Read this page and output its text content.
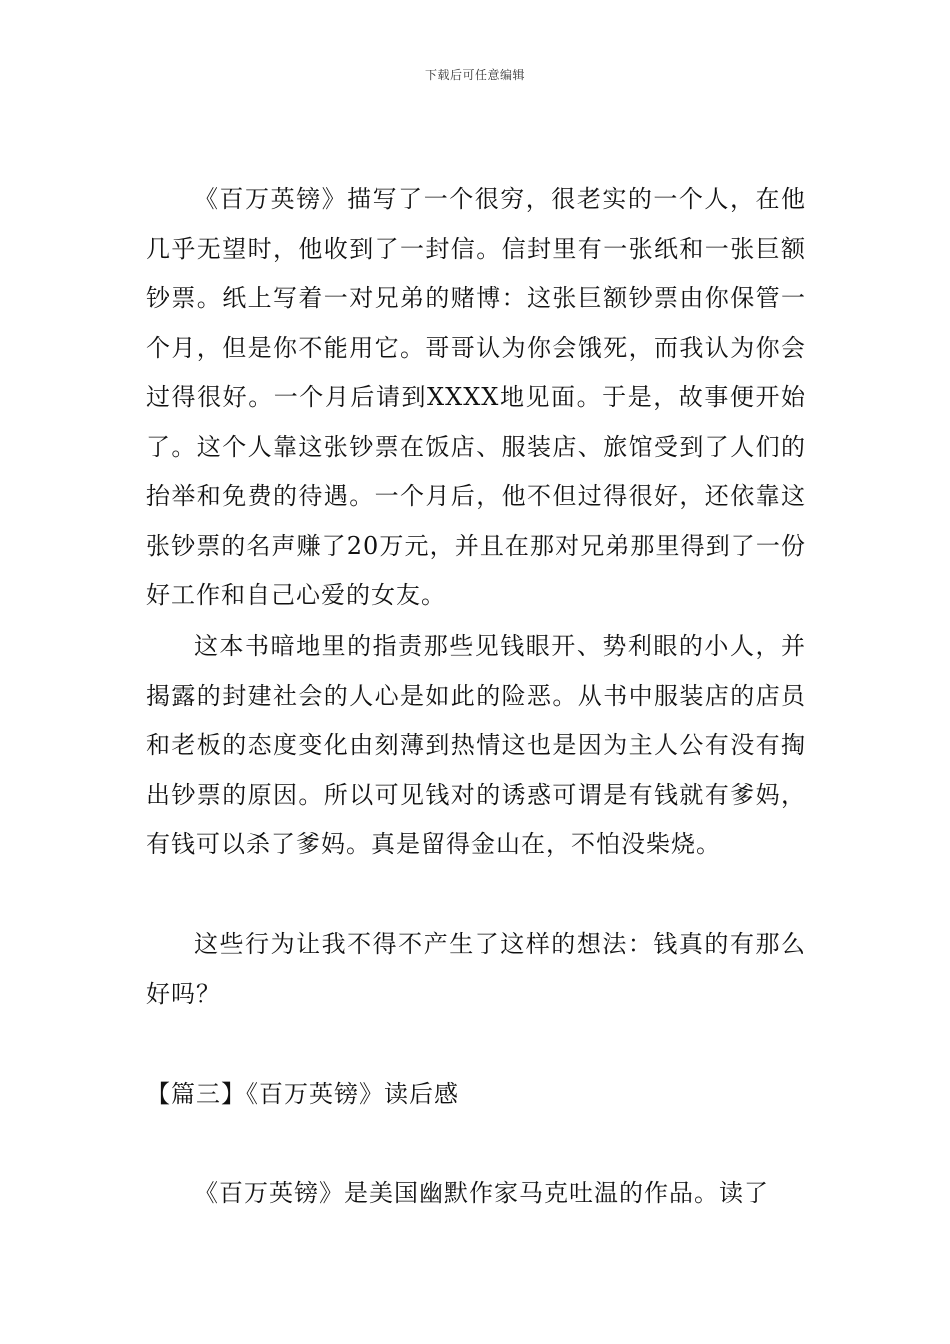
下载后可任意编辑

《百万英镑》描写了一个很穷，很老实的一个人，在他几乎无望时，他收到了一封信。信封里有一张纸和一张巨额钞票。纸上写着一对兄弟的赌博：这张巨额钞票由你保管一个月，但是你不能用它。哥哥认为你会饿死，而我认为你会过得很好。一个月后请到XXXX地见面。于是，故事便开始了。这个人靠这张钞票在饭店、服装店、旅馆受到了人们的抬举和免费的待遇。一个月后，他不但过得很好，还依靠这张钞票的名声赚了20万元，并且在那对兄弟那里得到了一份好工作和自己心爱的女友。

这本书暗地里的指责那些见钱眼开、势利眼的小人，并揭露的封建社会的人心是如此的险恶。从书中服装店的店员和老板的态度变化由刻薄到热情这也是因为主人公有没有掏出钞票的原因。所以可见钱对的诱惑可谓是有钱就有爹妈，有钱可以杀了爹妈。真是留得金山在，不怕没柴烧。

这些行为让我不得不产生了这样的想法：钱真的有那么好吗？

【篇三】《百万英镑》读后感

《百万英镑》是美国幽默作家马克吐温的作品。读了
